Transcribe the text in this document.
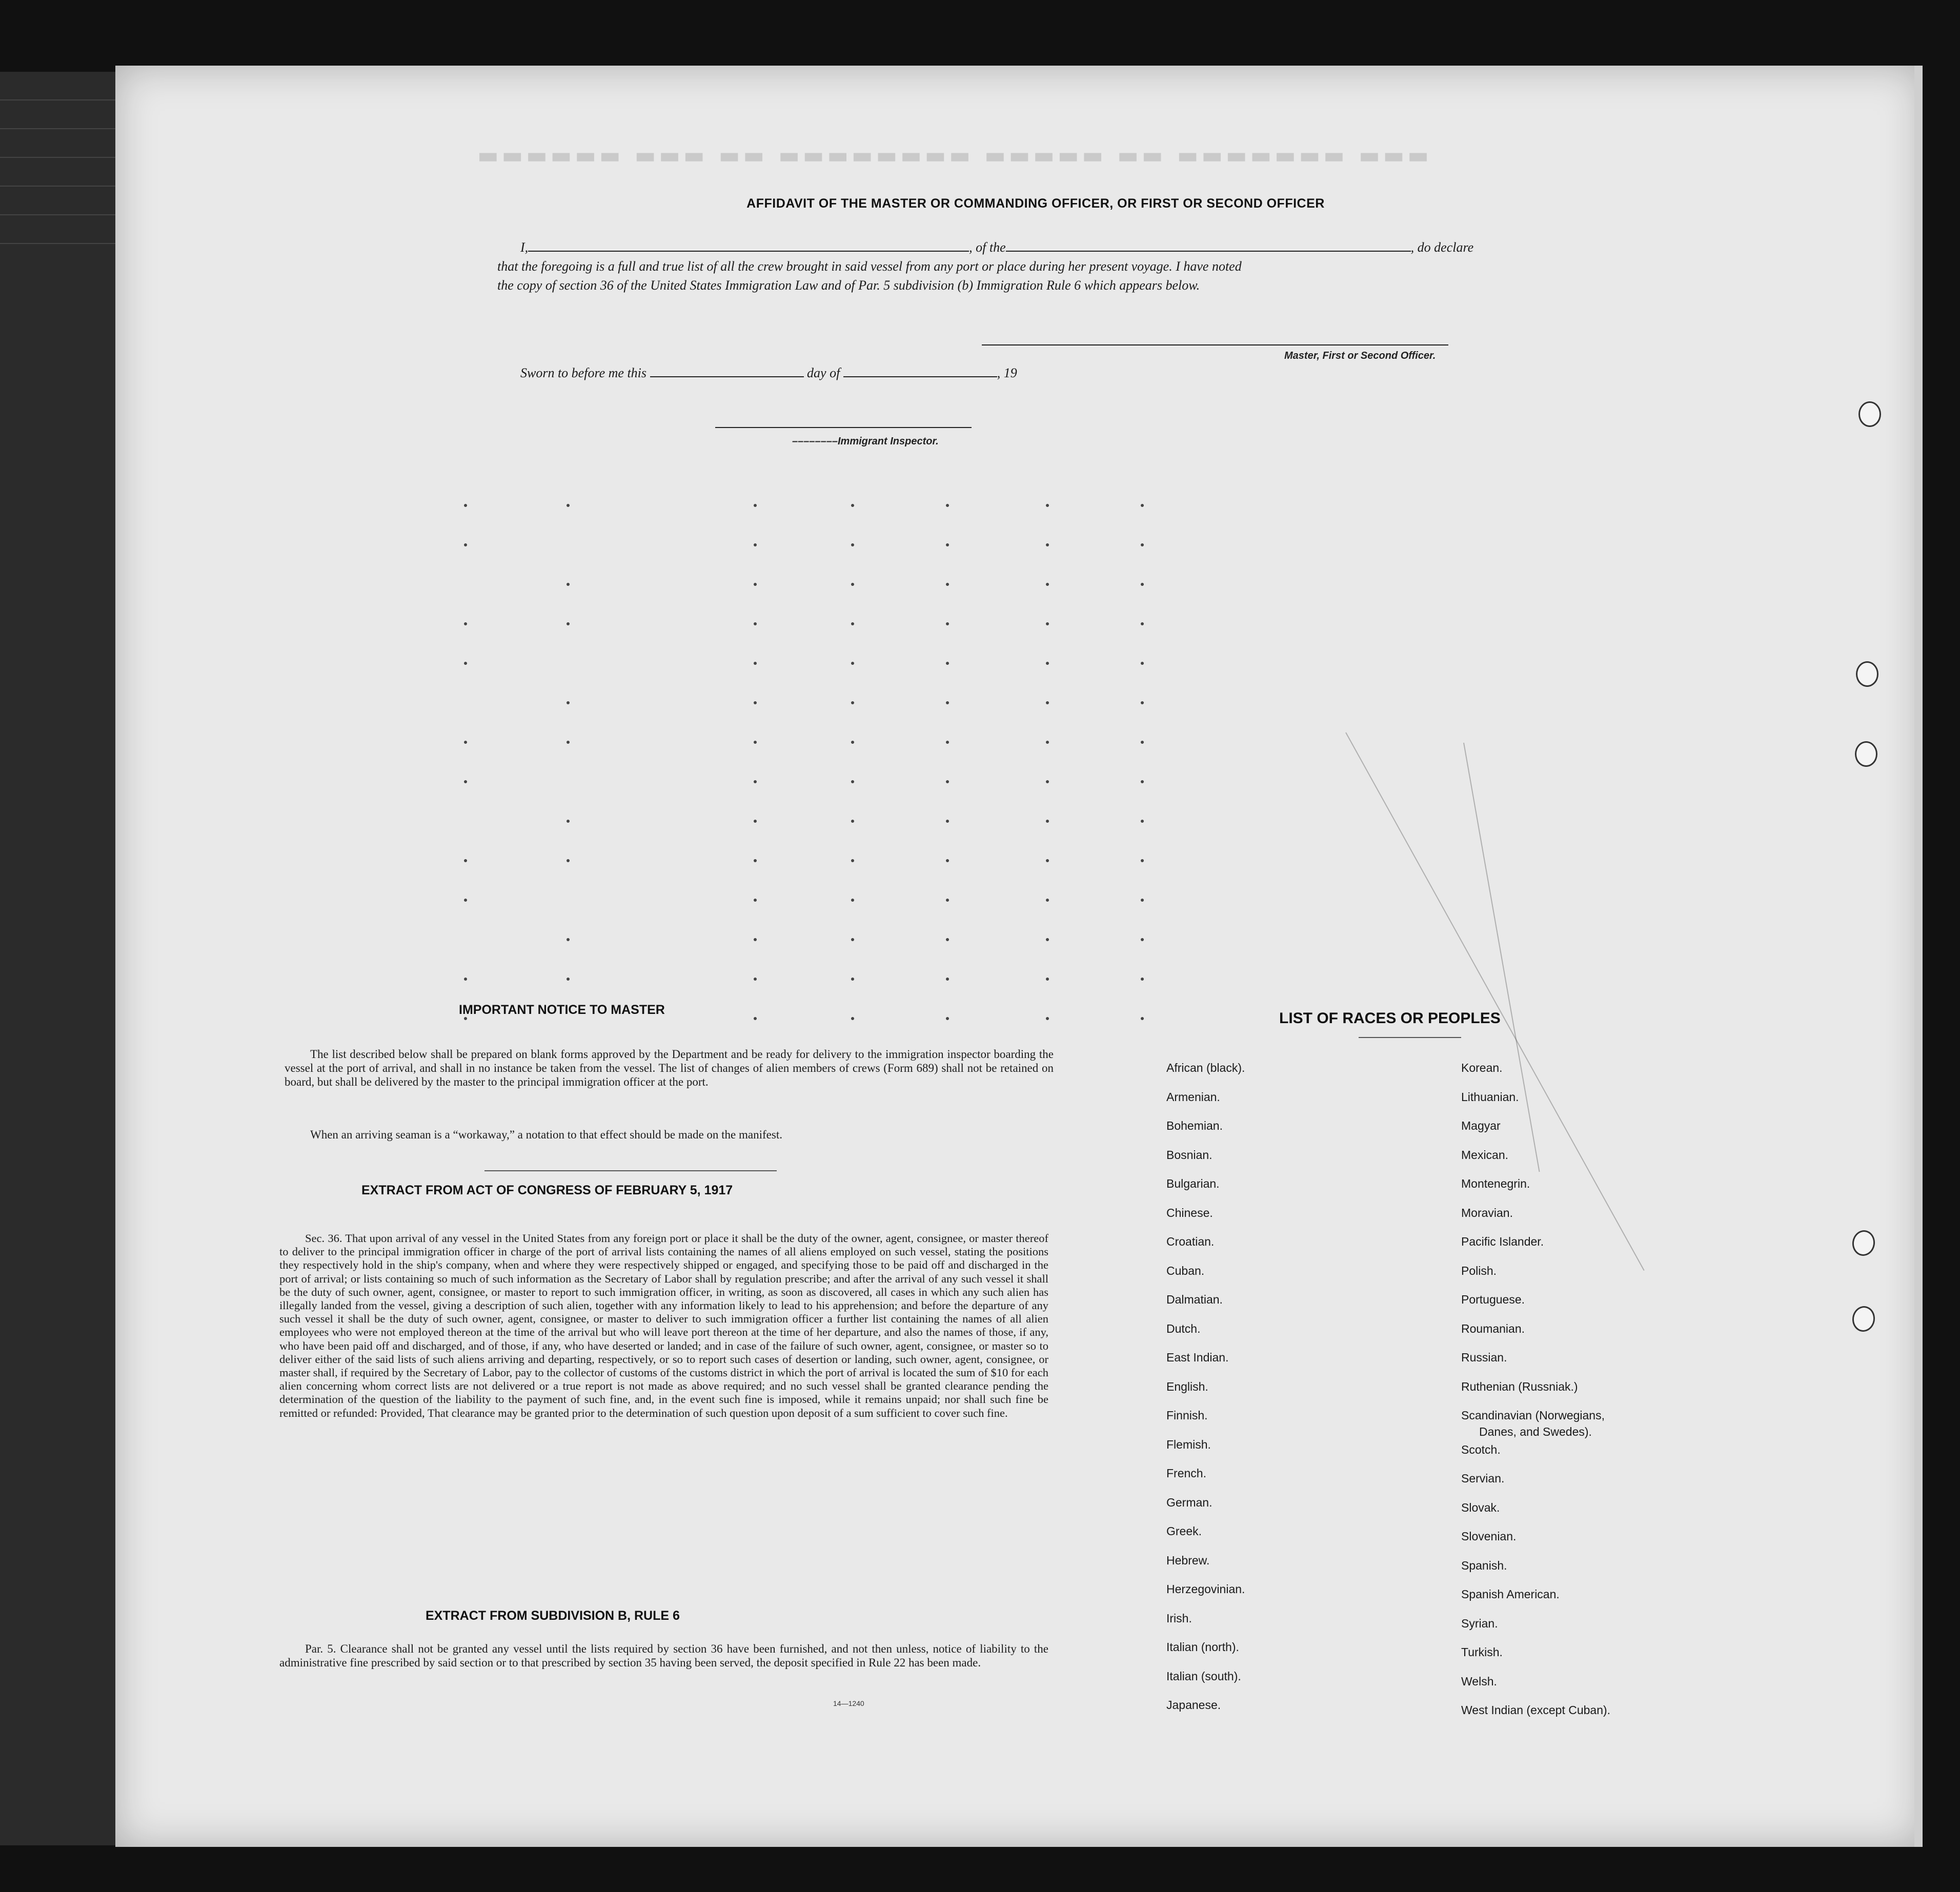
▬▬▬ ▬▬▬▬▬▬▬ ▬▬ ▬▬▬▬▬ ▬▬▬▬▬▬▬▬ ▬▬ ▬▬▬ ▬▬▬▬▬▬
AFFIDAVIT OF THE MASTER OR COMMANDING OFFICER, OR FIRST OR SECOND OFFICER
I,	, of the	, do declare
that the foregoing is a full and true list of all the crew brought in said vessel from any port or place during her present voyage. I have noted
the copy of section 36 of the United States Immigration Law and of Par. 5 subdivision (b) Immigration Rule 6 which appears below.
Master, First or Second Officer.
Sworn to before me this	day of	, 19
––––––––Immigrant Inspector.
IMPORTANT NOTICE TO MASTER
The list described below shall be prepared on blank forms approved by the Department and be ready for delivery to the immigration inspector boarding the vessel at the port of arrival, and shall in no instance be taken from the vessel. The list of changes of alien members of crews (Form 689) shall not be retained on board, but shall be delivered by the master to the principal immigration officer at the port.
When an arriving seaman is a “workaway,” a notation to that effect should be made on the manifest.
EXTRACT FROM ACT OF CONGRESS OF FEBRUARY 5, 1917
Sec. 36. That upon arrival of any vessel in the United States from any foreign port or place it shall be the duty of the owner, agent, consignee, or master thereof to deliver to the principal immigration officer in charge of the port of arrival lists containing the names of all aliens employed on such vessel, stating the positions they respectively hold in the ship's company, when and where they were respectively shipped or engaged, and specifying those to be paid off and discharged in the port of arrival; or lists containing so much of such information as the Secretary of Labor shall by regulation prescribe; and after the arrival of any such vessel it shall be the duty of such owner, agent, consignee, or master to report to such immigration officer, in writing, as soon as discovered, all cases in which any such alien has illegally landed from the vessel, giving a description of such alien, together with any information likely to lead to his apprehension; and before the departure of any such vessel it shall be the duty of such owner, agent, consignee, or master to deliver to such immigration officer a further list containing the names of all alien employees who were not employed thereon at the time of the arrival but who will leave port thereon at the time of her departure, and also the names of those, if any, who have been paid off and discharged, and of those, if any, who have deserted or landed; and in case of the failure of such owner, agent, consignee, or master so to deliver either of the said lists of such aliens arriving and departing, respectively, or so to report such cases of desertion or landing, such owner, agent, consignee, or master shall, if required by the Secretary of Labor, pay to the collector of customs of the customs district in which the port of arrival is located the sum of $10 for each alien concerning whom correct lists are not delivered or a true report is not made as above required; and no such vessel shall be granted clearance pending the determination of the question of the liability to the payment of such fine, and, in the event such fine is imposed, while it remains unpaid; nor shall such fine be remitted or refunded: Provided, That clearance may be granted prior to the determination of such question upon deposit of a sum sufficient to cover such fine.
EXTRACT FROM SUBDIVISION B, RULE 6
Par. 5. Clearance shall not be granted any vessel until the lists required by section 36 have been furnished, and not then unless, notice of liability to the administrative fine prescribed by said section or to that prescribed by section 35 having been served, the deposit specified in Rule 22 has been made.
14—1240
LIST OF RACES OR PEOPLES
African (black).
Armenian.
Bohemian.
Bosnian.
Bulgarian.
Chinese.
Croatian.
Cuban.
Dalmatian.
Dutch.
East Indian.
English.
Finnish.
Flemish.
French.
German.
Greek.
Hebrew.
Herzegovinian.
Irish.
Italian (north).
Italian (south).
Japanese.
Korean.
Lithuanian.
Magyar
Mexican.
Montenegrin.
Moravian.
Pacific Islander.
Polish.
Portuguese.
Roumanian.
Russian.
Ruthenian (Russniak.)
Scandinavian (Norwegians,
Danes, and Swedes).
Scotch.
Servian.
Slovak.
Slovenian.
Spanish.
Spanish American.
Syrian.
Turkish.
Welsh.
West Indian (except Cuban).
